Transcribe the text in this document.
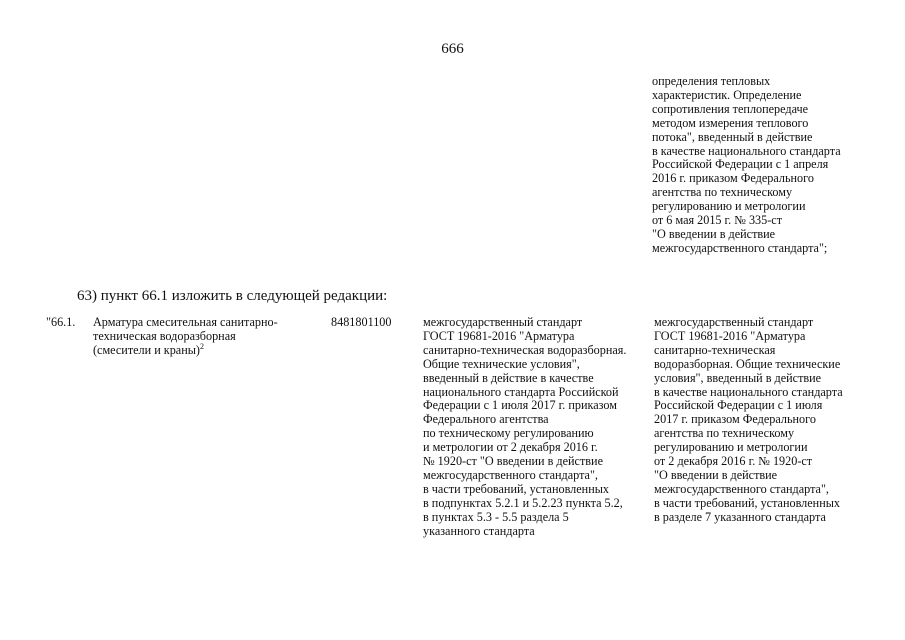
666
определения тепловых
характеристик. Определение
сопротивления теплопередаче
методом измерения теплового
потока", введенный в действие
в качестве национального стандарта
Российской Федерации с 1 апреля
2016 г. приказом Федерального
агентства по техническому
регулированию и метрологии
от 6 мая 2015 г. № 335-ст
"О введении в действие
межгосударственного стандарта";
63) пункт 66.1 изложить в следующей редакции:
"66.1. Арматура смесительная санитарно-
техническая водоразборная
(смесители и краны)$^2$
8481801100	межгосударственный стандарт
ГОСТ 19681-2016 "Арматура
санитарно-техническая водоразборная.
Общие технические условия",
введенный в действие в качестве
национального стандарта Российской
Федерации с 1 июля 2017 г. приказом
Федерального агентства
по техническому регулированию
и метрологии от 2 декабря 2016 г.
№ 1920-ст "О введении в действие
межгосударственного стандарта",
в части требований, установленных
в подпунктах 5.2.1 и 5.2.23 пункта 5.2,
в пунктах 5.3 - 5.5 раздела 5
указанного стандарта
межгосударственный стандарт
ГОСТ 19681-2016 "Арматура
санитарно-техническая
водоразборная. Общие технические
условия", введенный в действие
в качестве национального стандарта
Российской Федерации с 1 июля
2017 г. приказом Федерального
агентства по техническому
регулированию и метрологии
от 2 декабря 2016 г. № 1920-ст
"О введении в действие
межгосударственного стандарта",
в части требований, установленных
в разделе 7 указанного стандарта
